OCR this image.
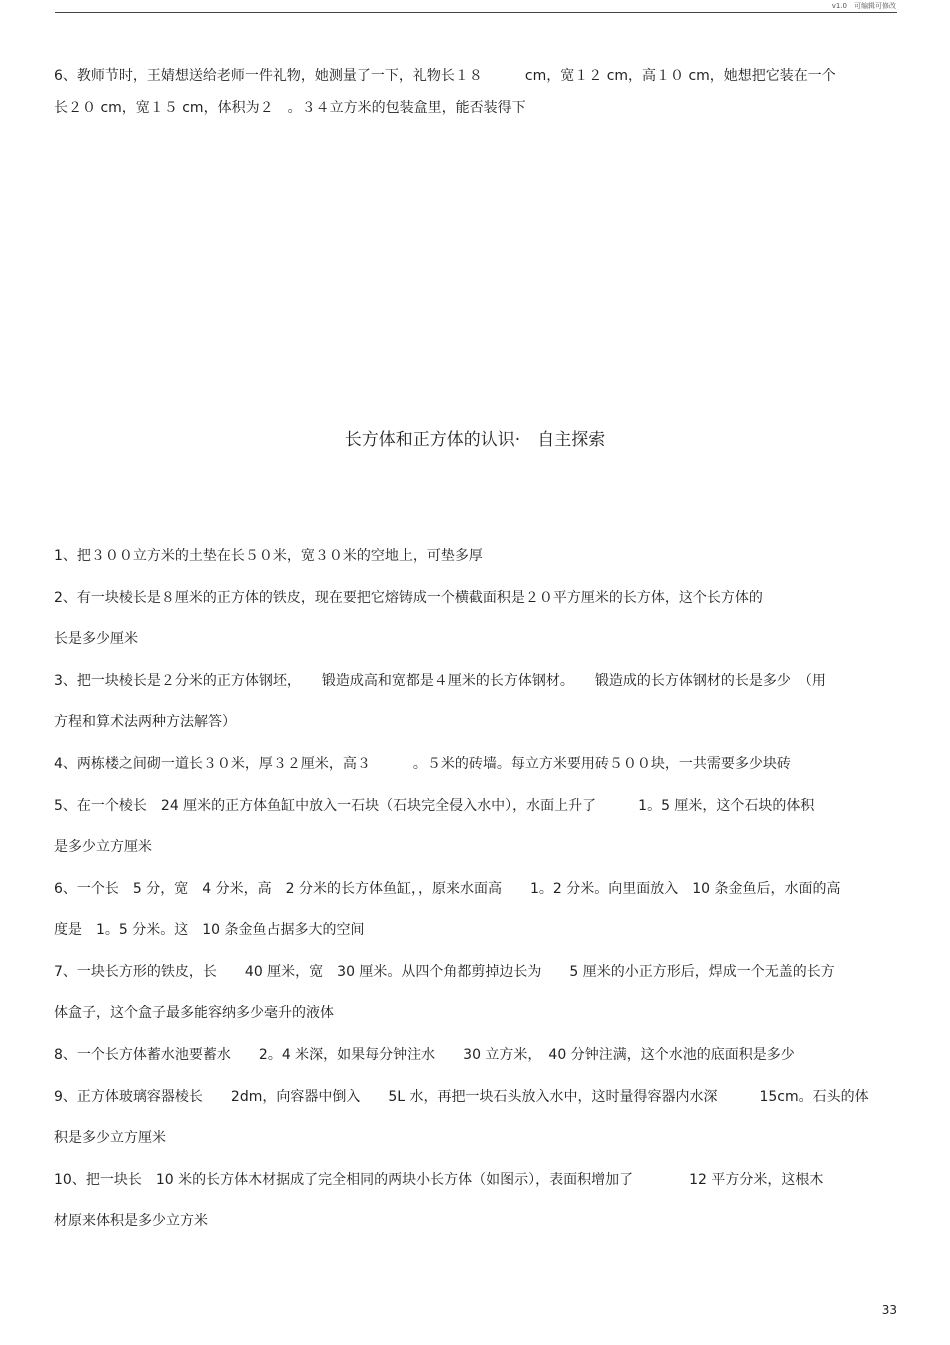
v1.0　可编辑可修改
6、教师节时，王婧想送给老师一件礼物，她测量了一下，礼物长１８　　　cm，宽１２ cm，高１０ cm，她想把它装在一个
长２０ cm，宽１５ cm，体积为２　。３４立方米的包装盒里，能否装得下
长方体和正方体的认识·　自主探索
1、把３００立方米的土垫在长５０米，宽３０米的空地上，可垫多厚
2、有一块棱长是８厘米的正方体的铁皮，现在要把它熔铸成一个横截面积是２０平方厘米的长方体，这个长方体的
长是多少厘米
3、把一块棱长是２分米的正方体钢坯，　　锻造成高和宽都是４厘米的长方体钢材。　　锻造成的长方体钢材的长是多少　（用
方程和算术法两种方法解答）
4、两栋楼之间砌一道长３０米，厚３２厘米，高３　　　。５米的砖墙。每立方米要用砖５００块，一共需要多少块砖
5、在一个棱长　24 厘米的正方体鱼缸中放入一石块（石块完全侵入水中），水面上升了　　　1。5 厘米，这个石块的体积
是多少立方厘米
6、一个长　5 分，宽　4 分米，高　2 分米的长方体鱼缸，，原来水面高　　1。2 分米。向里面放入　10 条金鱼后，水面的高
度是　1。5 分米。这　10 条金鱼占据多大的空间
7、一块长方形的铁皮，长　　40 厘米，宽　30 厘米。从四个角都剪掉边长为　　5 厘米的小正方形后，焊成一个无盖的长方
体盒子，这个盒子最多能容纳多少毫升的液体
8、一个长方体蓄水池要蓄水　　2。4 米深，如果每分钟注水　　30 立方米，　40 分钟注满，这个水池的底面积是多少
9、正方体玻璃容器棱长　　2dm，向容器中倒入　　5L 水，再把一块石头放入水中，这时量得容器内水深　　　15cm。石头的体
积是多少立方厘米
10、把一块长　10 米的长方体木材据成了完全相同的两块小长方体（如图示），表面积增加了　　　　12 平方分米，这根木
材原来体积是多少立方米
33
